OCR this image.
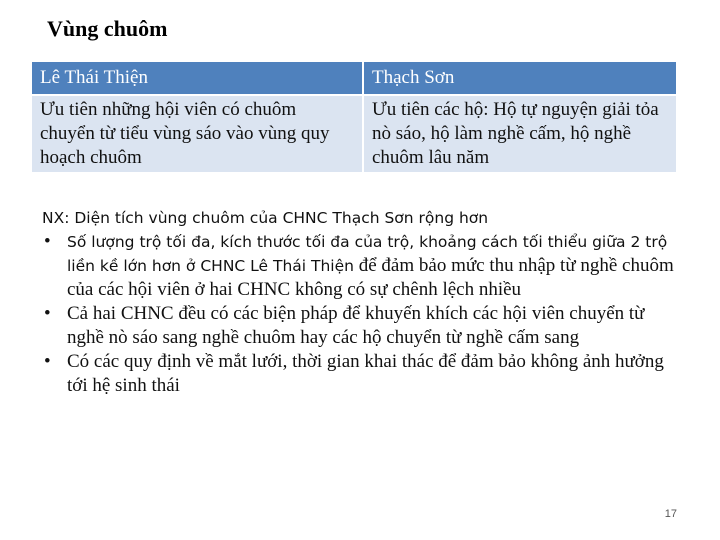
Vùng chuôm
Lê Thái Thiện	Thạch Sơn
Ưu tiên những hội viên có chuôm chuyển từ tiểu vùng sáo vào vùng quy hoạch chuôm	Ưu tiên các hộ: Hộ tự nguyện giải tỏa nò sáo, hộ làm nghề cấm, hộ nghề chuôm lâu năm
NX: Diện tích vùng chuôm của CHNC Thạch Sơn rộng hơn
• Số lượng trộ tối đa, kích thước tối đa của trộ, khoảng cách tối thiểu giữa 2 trộ liền kề lớn hơn ở CHNC Lê Thái Thiện để đảm bảo mức thu nhập từ nghề chuôm của các hội viên ở hai CHNC không có sự chênh lệch nhiều
• Cả hai CHNC đều có các biện pháp để khuyến khích các hội viên chuyển từ nghề nò sáo sang nghề chuôm hay các hộ chuyển từ nghề cấm sang
• Có các quy định về mắt lưới, thời gian khai thác để đảm bảo không ảnh hưởng tới hệ sinh thái
17
